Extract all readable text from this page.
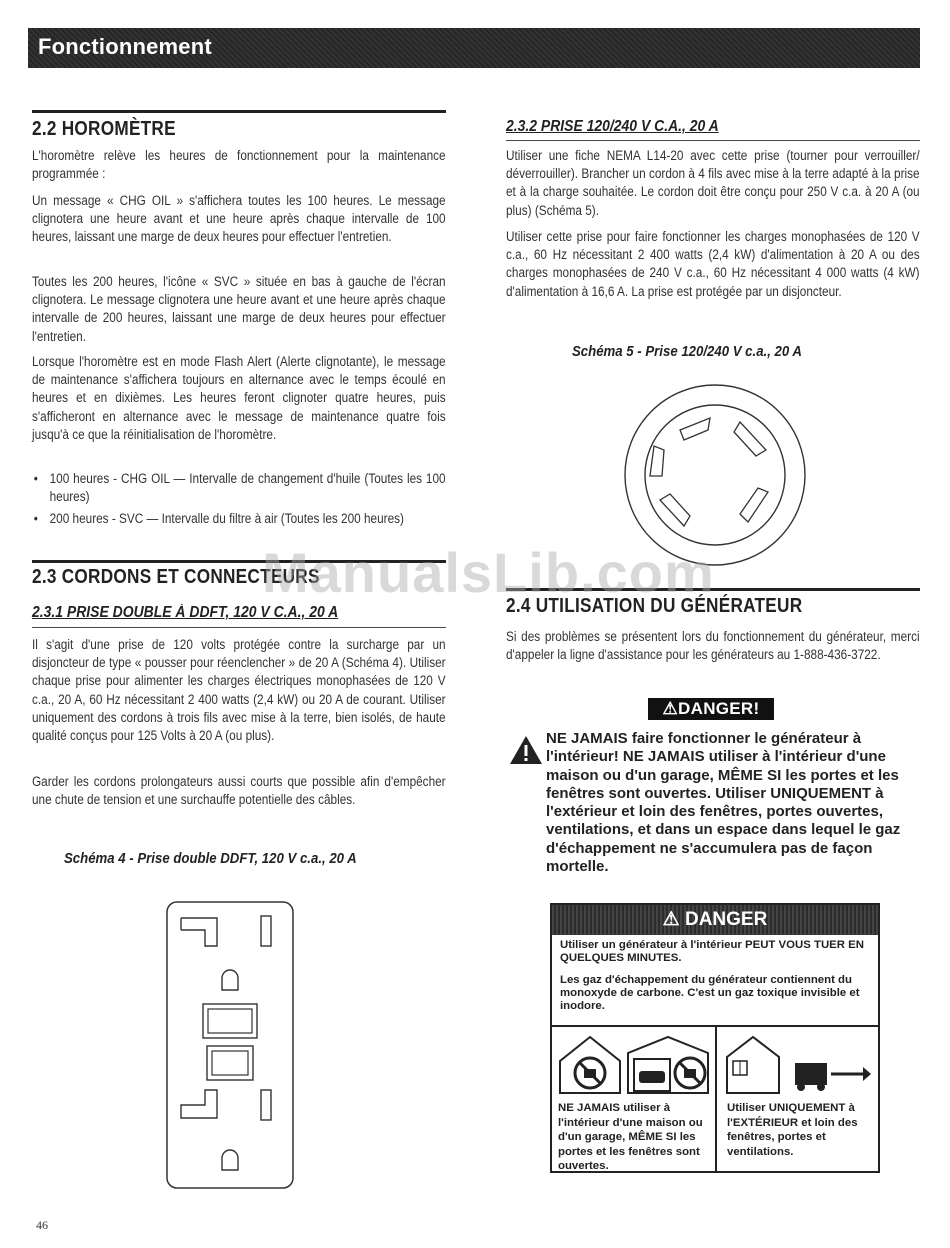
Fonctionnement
2.2 HOROMÈTRE
L'horomètre relève les heures de fonctionnement pour la maintenance programmée :
Un message « CHG OIL » s'affichera toutes les 100 heures. Le message clignotera une heure avant et une heure après chaque intervalle de 100 heures, laissant une marge de deux heures pour effectuer l'entretien.
Toutes les 200 heures, l'icône « SVC » située en bas à gauche de l'écran clignotera. Le message clignotera une heure avant et une heure après chaque intervalle de 200 heures, laissant une marge de deux heures pour effectuer l'entretien.
Lorsque l'horomètre est en mode Flash Alert (Alerte clignotante), le message de maintenance s'affichera toujours en alternance avec le temps écoulé en heures et en dixièmes. Les heures feront clignoter quatre heures, puis s'afficheront en alternance avec le message de maintenance quatre fois jusqu'à ce que la réinitialisation de l'horomètre.
• 100 heures - CHG OIL — Intervalle de changement d'huile (Toutes les 100 heures)
• 200 heures - SVC — Intervalle du filtre à air (Toutes les 200 heures)
2.3 CORDONS ET CONNECTEURS
2.3.1 PRISE DOUBLE À DDFT, 120 V C.A., 20 A
Il s'agit d'une prise de 120 volts protégée contre la surcharge par un disjoncteur de type « pousser pour réenclencher » de 20 A (Schéma 4). Utiliser chaque prise pour alimenter les charges électriques monophasées de 120 V c.a., 20 A, 60 Hz nécessitant 2 400 watts (2,4 kW) ou 20 A de courant. Utiliser uniquement des cordons à trois fils avec mise à la terre, bien isolés, de haute qualité conçus pour 125 Volts à 20 A (ou plus).
Garder les cordons prolongateurs aussi courts que possible afin d'empêcher une chute de tension et une surchauffe potentielle des câbles.
Schéma 4 - Prise double DDFT, 120 V c.a., 20 A
2.3.2 PRISE 120/240 V C.A., 20 A
Utiliser une fiche NEMA L14-20 avec cette prise (tourner pour verrouiller/ déverrouiller). Brancher un cordon à 4 fils avec mise à la terre adapté à la prise et à la charge souhaitée. Le cordon doit être conçu pour 250 V c.a. à 20 A (ou plus) (Schéma 5).
Utiliser cette prise pour faire fonctionner les charges monophasées de 120 V c.a., 60 Hz nécessitant 2 400 watts (2,4 kW) d'alimentation à 20 A ou des charges monophasées de 240 V c.a., 60 Hz nécessitant 4 000 watts (4 kW) d'alimentation à 16,6 A. La prise est protégée par un disjoncteur.
Schéma 5 - Prise 120/240 V c.a., 20 A
2.4 UTILISATION DU GÉNÉRATEUR
Si des problèmes se présentent lors du fonctionnement du générateur, merci d'appeler la ligne d'assistance pour les générateurs au 1-888-436-3722.
⚠DANGER!
NE JAMAIS faire fonctionner le générateur à l'intérieur! NE JAMAIS utiliser à l'intérieur d'une maison ou d'un garage, MÊME SI les portes et les fenêtres sont ouvertes. Utiliser UNIQUEMENT à l'extérieur et loin des fenêtres, portes ouvertes, ventilations, et dans un espace dans lequel le gaz d'échappement ne s'accumulera pas de façon mortelle.
⚠ DANGER

Utiliser un générateur à l'intérieur PEUT VOUS TUER EN QUELQUES MINUTES.

Les gaz d'échappement du générateur contiennent du monoxyde de carbone. C'est un gaz toxique invisible et inodore.

NE JAMAIS utiliser à l'intérieur d'une maison ou d'un garage, MÊME SI les portes et les fenêtres sont ouvertes.
Utiliser UNIQUEMENT à l'EXTÉRIEUR et loin des fenêtres, portes et ventilations.
ManualsLib.com
46
